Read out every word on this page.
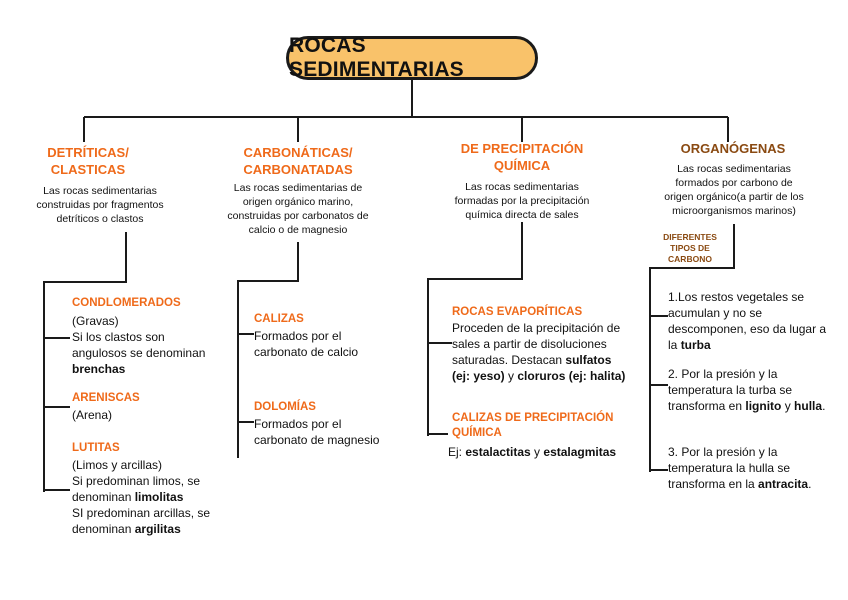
ROCAS SEDIMENTARIAS
DETRÍTICAS/
CLASTICAS
Las rocas sedimentarias
construidas por fragmentos
detríticos o clastos
CONDLOMERADOS
(Gravas)
Si los clastos son
angulosos se denominan
brenchas
ARENISCAS
(Arena)
LUTITAS
(Limos y arcillas)
Si predominan limos, se
denominan limolitas
SI predominan arcillas, se
denominan argilitas
CARBONÁTICAS/
CARBONATADAS
Las rocas sedimentarias de
origen orgánico marino,
construidas por carbonatos de
calcio o de magnesio
CALIZAS
Formados por el
carbonato de calcio
DOLOMÍAS
Formados por el
carbonato de magnesio
DE PRECIPITACIÓN
QUÍMICA
Las rocas sedimentarias
formadas por la precipitación
química directa de sales
ROCAS EVAPORÍTICAS
Proceden de la precipitación de
sales a partir de disoluciones
saturadas. Destacan sulfatos
(ej: yeso) y cloruros (ej: halita)
CALIZAS DE PRECIPITACIÓN
QUÍMICA
Ej: estalactitas y estalagmitas
ORGANÓGENAS
Las rocas sedimentarias
formados por carbono de
origen orgánico(a partir de los
microorganismos marinos)
DIFERENTES
TIPOS DE
CARBONO
1.Los restos vegetales se
acumulan y no se
descomponen, eso da lugar a
la turba
2. Por la presión y la
temperatura la turba se
transforma en lignito y hulla.
3. Por la presión y la
temperatura la hulla se
transforma en la antracita.
